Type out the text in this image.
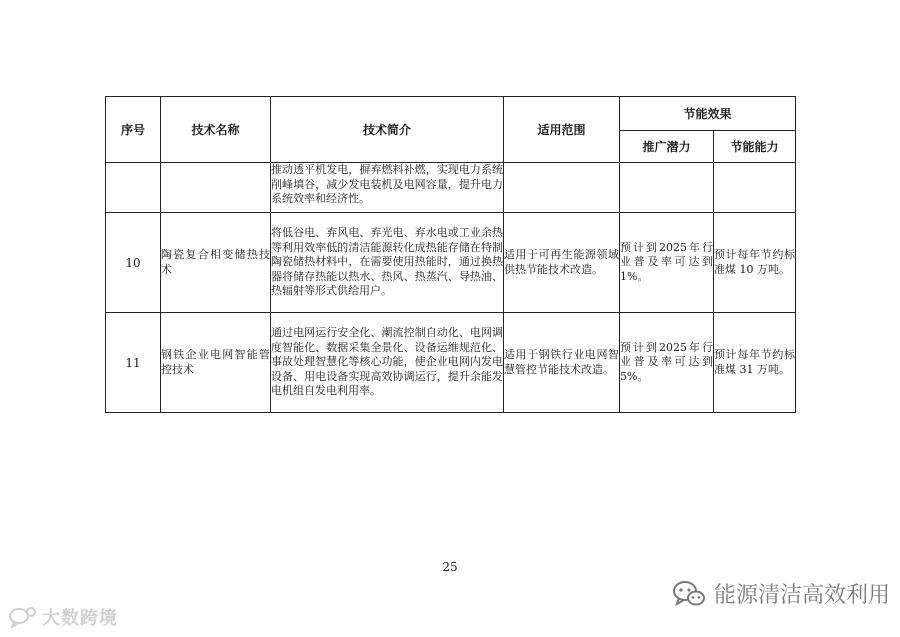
序号	技术名称	技术简介	适用范围	节能效果	
				推广潜力	节能能力
		推动透平机发电，摒弃燃料补燃，实现电力系统削峰填谷，减少发电装机及电网容量，提升电力系统效率和经济性。			
10	陶瓷复合相变储热技术	将低谷电、弃风电、弃光电、弃水电或工业余热等利用效率低的清洁能源转化成热能存储在特制陶瓷储热材料中，在需要使用热能时，通过换热器将储存热能以热水、热风、热蒸汽、导热油、热辐射等形式供给用户。	适用于可再生能源领域供热节能技术改造。	预计到2025年行业普及率可达到1%。	预计每年节约标准煤 10 万吨。
11	钢铁企业电网智能管控技术	通过电网运行安全化、潮流控制自动化、电网调度智能化、数据采集全景化、设备运维规范化、事故处理智慧化等核心功能，使企业电网内发电设备、用电设备实现高效协调运行，提升余能发电机组自发电利用率。	适用于钢铁行业电网智慧管控节能技术改造。	预计到2025年行业普及率可达到5%。	预计每年节约标准煤 31 万吨。
25
大数跨境
能源清洁高效利用
